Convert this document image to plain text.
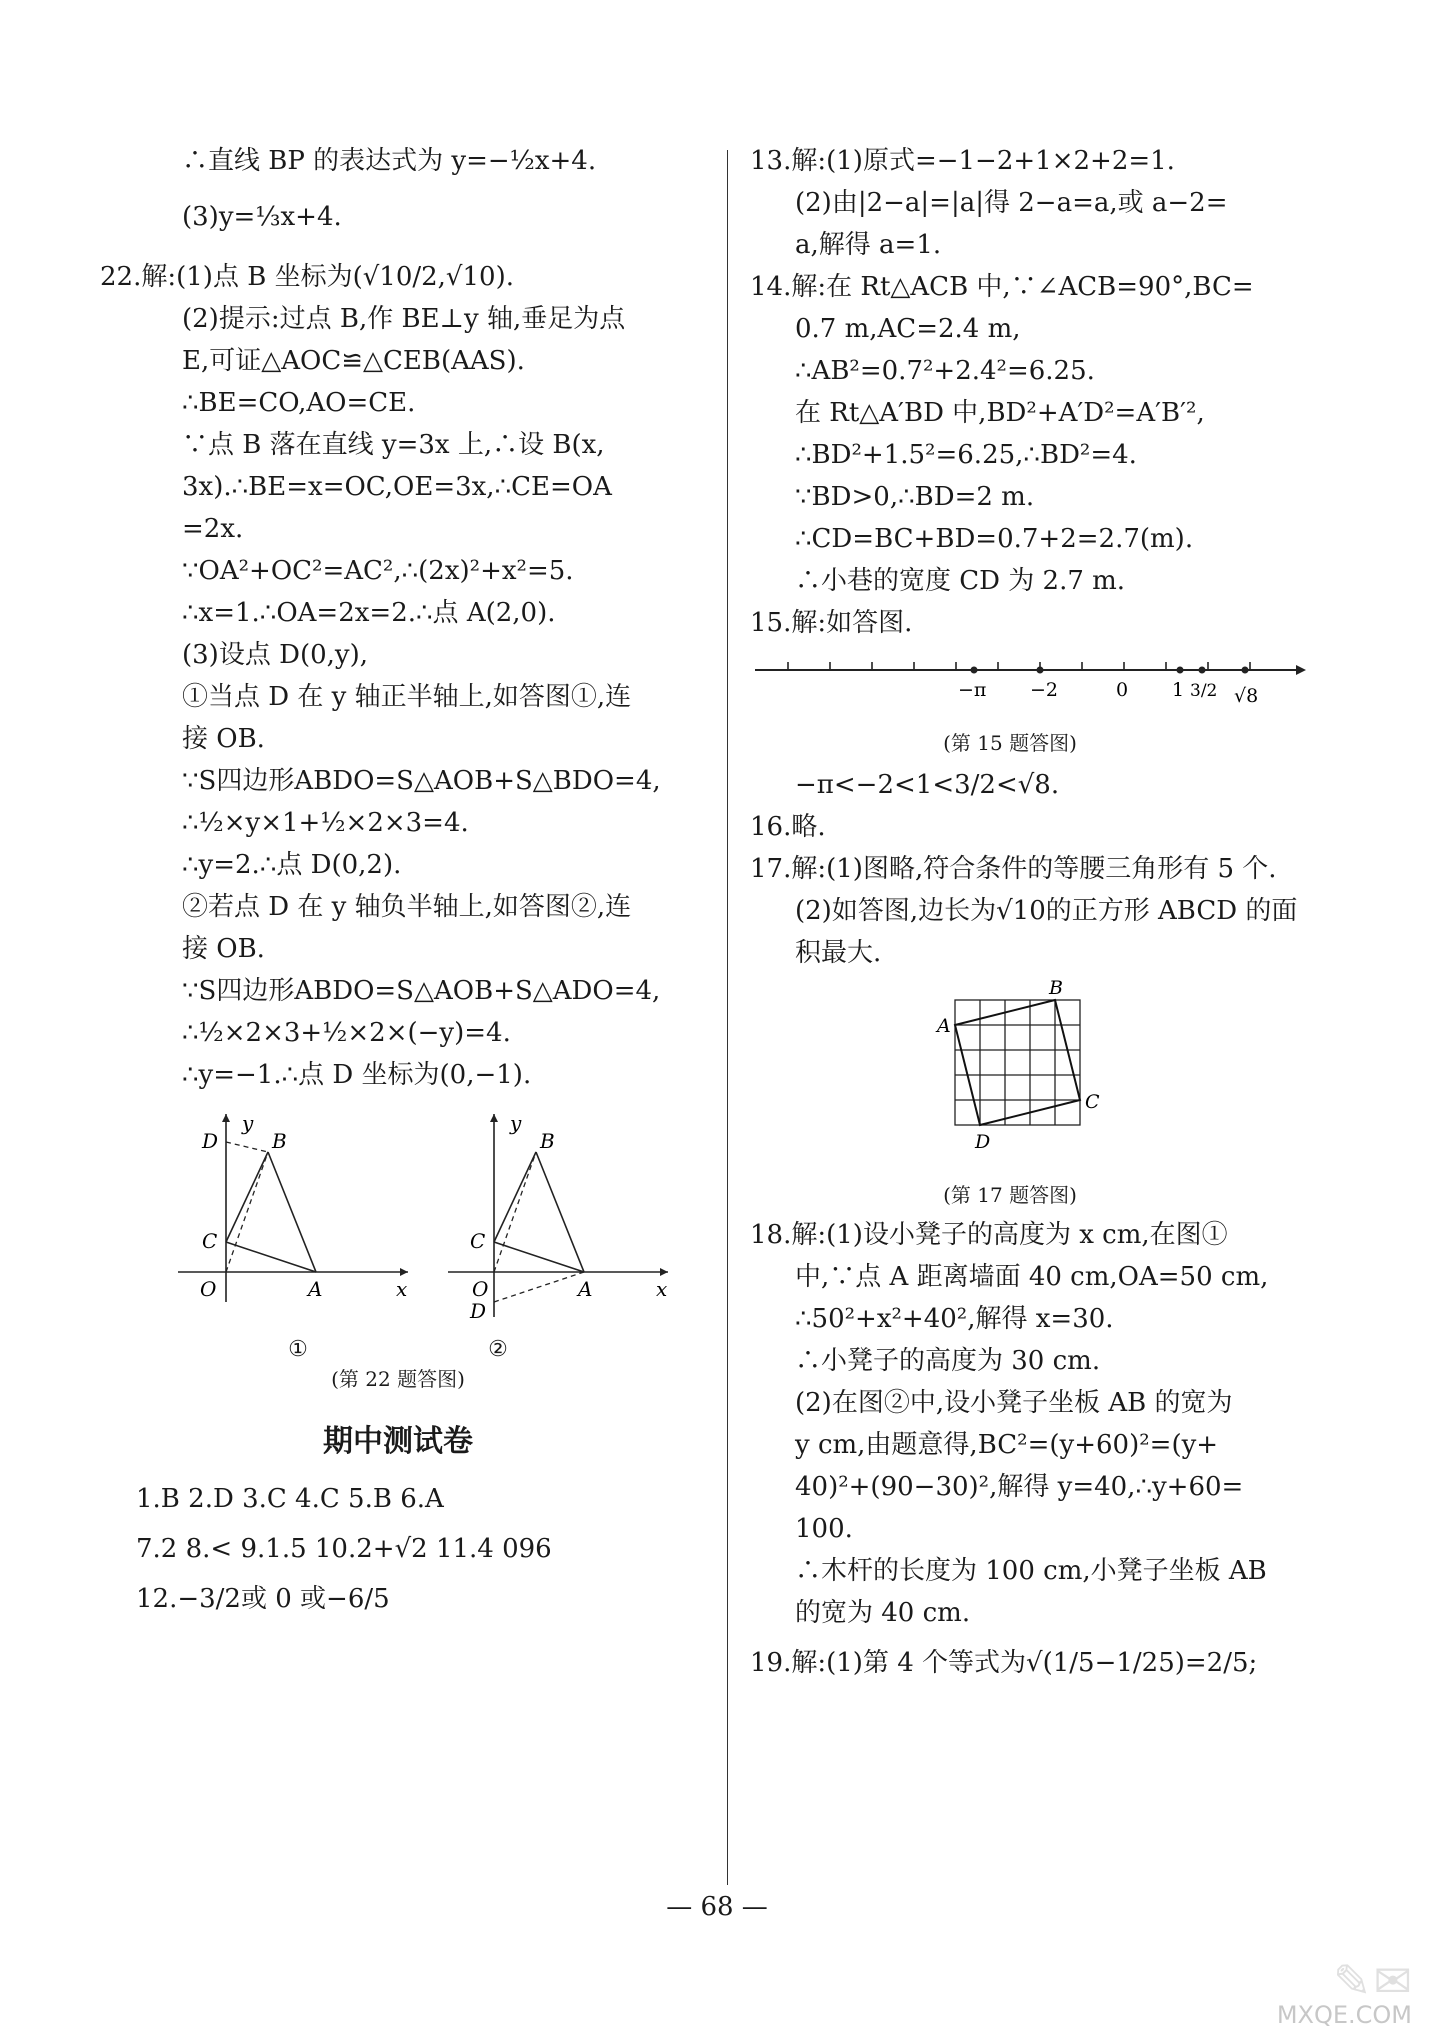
∴直线 BP 的表达式为 y=−½x+4.
(3)y=⅓x+4.
22.解:(1)点 B 坐标为(√10/2,√10).
(2)提示:过点 B,作 BE⊥y 轴,垂足为点
E,可证△AOC≌△CEB(AAS).
∴BE=CO,AO=CE.
∵点 B 落在直线 y=3x 上,∴设 B(x,
3x).∴BE=x=OC,OE=3x,∴CE=OA
=2x.
∵OA²+OC²=AC²,∴(2x)²+x²=5.
∴x=1.∴OA=2x=2.∴点 A(2,0).
(3)设点 D(0,y),
①当点 D 在 y 轴正半轴上,如答图①,连
接 OB.
∵S四边形ABDO=S△AOB+S△BDO=4,
∴½×y×1+½×2×3=4.
∴y=2.∴点 D(0,2).
②若点 D 在 y 轴负半轴上,如答图②,连
接 OB.
∵S四边形ABDO=S△AOB+S△ADO=4,
∴½×2×3+½×2×(−y)=4.
∴y=−1.∴点 D 坐标为(0,−1).
y
x
O	A
B
C
D
y
x
O	A
B
C
D
①	②
(第 22 题答图)
期中测试卷
1.B 2.D 3.C 4.C 5.B 6.A
7.2 8.< 9.1.5 10.2+√2 11.4 096
12.−3/2或 0 或−6/5
13.解:(1)原式=−1−2+1×2+2=1.
(2)由|2−a|=|a|得 2−a=a,或 a−2=
a,解得 a=1.
14.解:在 Rt△ACB 中,∵∠ACB=90°,BC=
0.7 m,AC=2.4 m,
∴AB²=0.7²+2.4²=6.25.
在 Rt△A′BD 中,BD²+A′D²=A′B′²,
∴BD²+1.5²=6.25,∴BD²=4.
∵BD>0,∴BD=2 m.
∴CD=BC+BD=0.7+2=2.7(m).
∴小巷的宽度 CD 为 2.7 m.
15.解:如答图.
−π −2	0 1 3/2 √8
(第 15 题答图)
−π<−2<1<3/2<√8.
16.略.
17.解:(1)图略,符合条件的等腰三角形有 5 个.
(2)如答图,边长为√10的正方形 ABCD 的面
积最大.
A
B
C
D
(第 17 题答图)
18.解:(1)设小凳子的高度为 x cm,在图①
中,∵点 A 距离墙面 40 cm,OA=50 cm,
∴50²+x²+40²,解得 x=30.
∴小凳子的高度为 30 cm.
(2)在图②中,设小凳子坐板 AB 的宽为
y cm,由题意得,BC²=(y+60)²=(y+
40)²+(90−30)²,解得 y=40,∴y+60=
100.
∴木杆的长度为 100 cm,小凳子坐板 AB
的宽为 40 cm.
19.解:(1)第 4 个等式为√(1/5−1/25)=2/5;
— 68 —
✎✉
MXQE.COM
